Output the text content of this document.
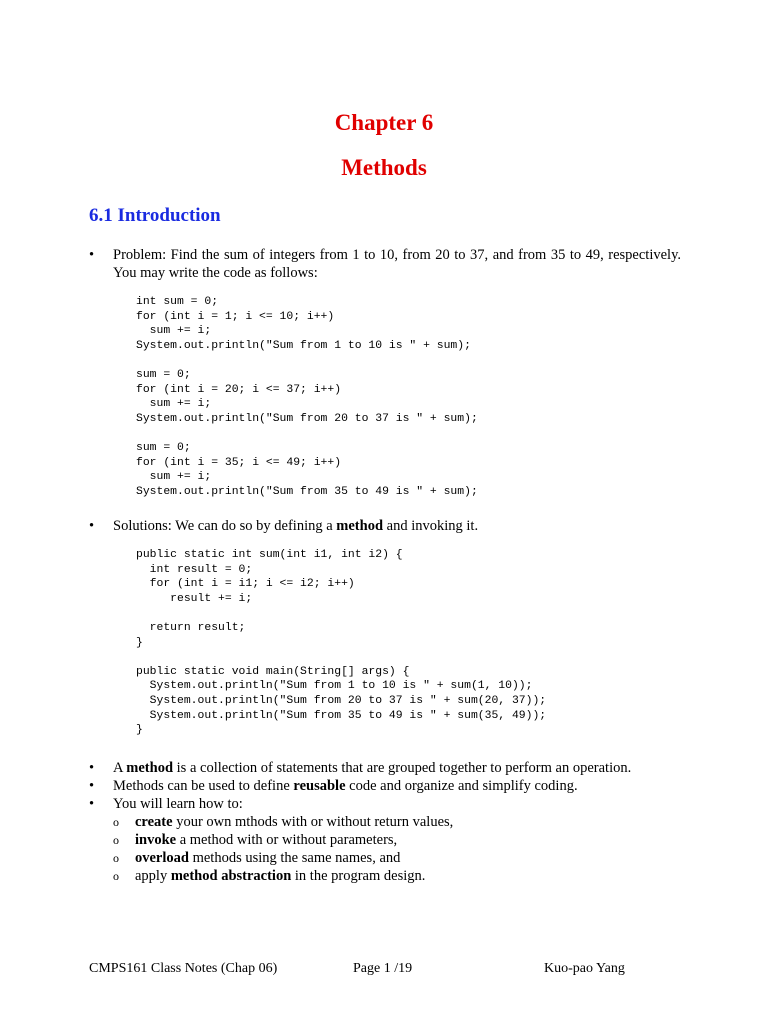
Chapter 6
Methods
6.1 Introduction
•	Problem: Find the sum of integers from 1 to 10, from 20 to 37, and from 35 to 49, respectively. You may write the code as follows:
int sum = 0;
for (int i = 1; i <= 10; i++)
sum += i;
System.out.println("Sum from 1 to 10 is " + sum);

sum = 0;
for (int i = 20; i <= 37; i++)
sum += i;
System.out.println("Sum from 20 to 37 is " + sum);

sum = 0;
for (int i = 35; i <= 49; i++)
sum += i;
System.out.println("Sum from 35 to 49 is " + sum);
•	Solutions: We can do so by defining a method and invoking it.
public static int sum(int i1, int i2) {
int result = 0;
for (int i = i1; i <= i2; i++)
result += i;

return result;
}

public static void main(String[] args) {
System.out.println("Sum from 1 to 10 is " + sum(1, 10));
System.out.println("Sum from 20 to 37 is " + sum(20, 37));
System.out.println("Sum from 35 to 49 is " + sum(35, 49));
}
•	A method is a collection of statements that are grouped together to perform an operation.
•	Methods can be used to define reusable code and organize and simplify coding.
•	You will learn how to:
o create your own mthods with or without return values,
o invoke a method with or without parameters,
o overload methods using the same names, and
o apply method abstraction in the program design.
CMPS161 Class Notes (Chap 06)	Page 1 /19	Kuo-pao Yang
